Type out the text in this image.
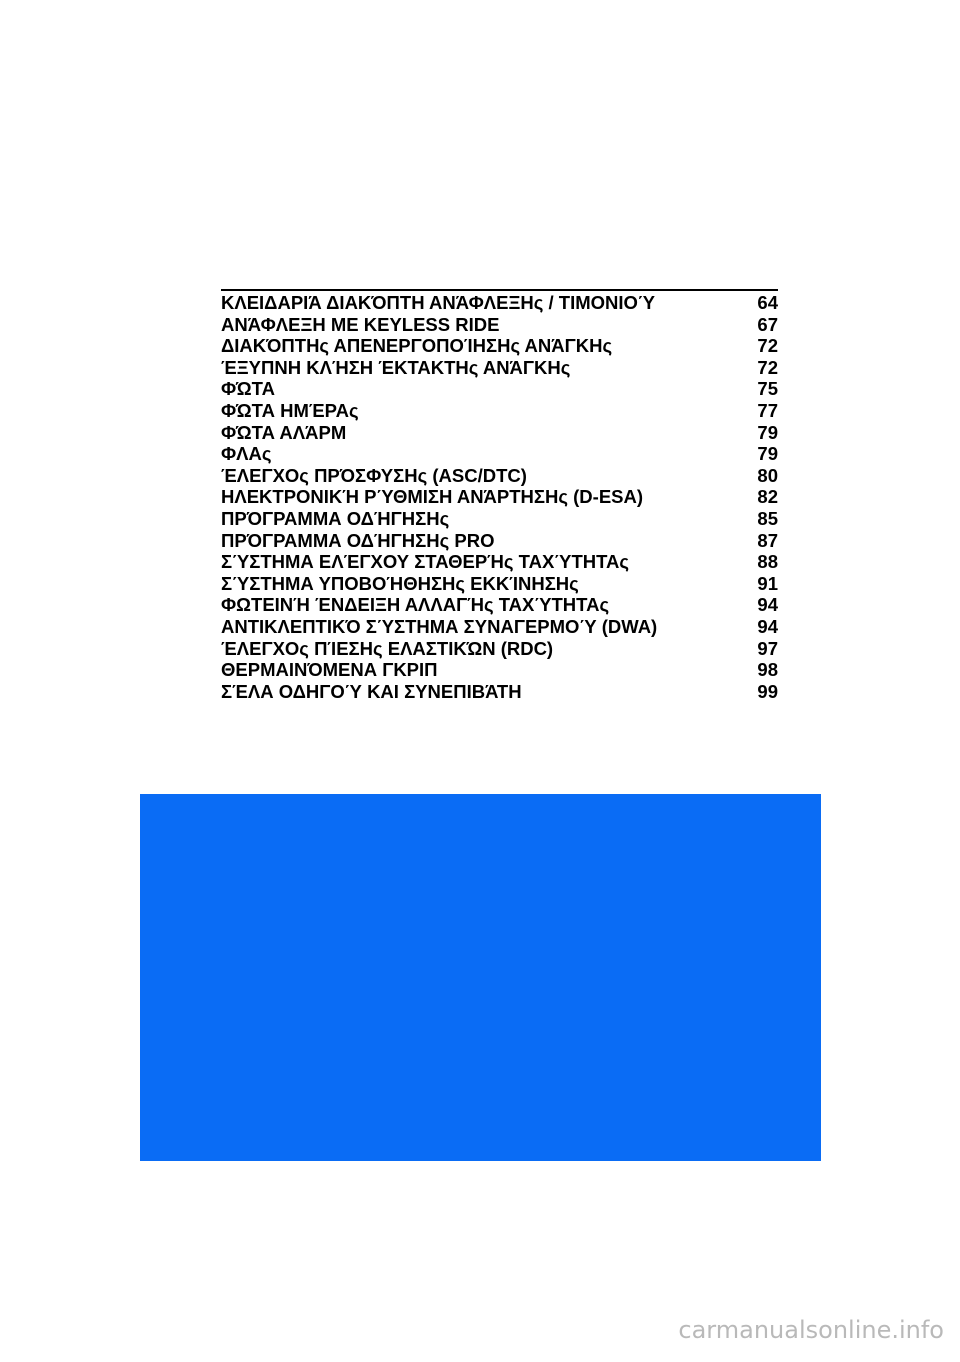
ΚΛΕΙΔΑΡΙΆ ΔΙΑΚΌΠΤΗ ΑΝΆΦΛΕΞΗς / ΤΙΜΟΝΙΟΎ	64
ΑΝΆΦΛΕΞΗ ΜΕ KEYLESS RIDE	67
ΔΙΑΚΌΠΤΗς ΑΠΕΝΕΡΓΟΠΟΊΗΣΗς ΑΝΆΓΚΗς	72
ΈΞΥΠΝΗ ΚΛΉΣΗ ΈΚΤΑΚΤΗς ΑΝΆΓΚΗς	72
ΦΏΤΑ	75
ΦΏΤΑ ΗΜΈΡΑς	77
ΦΏΤΑ ΑΛΆΡΜ	79
ΦΛΑς	79
ΈΛΕΓΧΟς ΠΡΌΣΦΥΣΗς (ASC/DTC)	80
ΗΛΕΚΤΡΟΝΙΚΉ ΡΎΘΜΙΣΗ ΑΝΆΡΤΗΣΗς (D-ESA)	82
ΠΡΌΓΡΑΜΜΑ ΟΔΉΓΗΣΗς	85
ΠΡΌΓΡΑΜΜΑ ΟΔΉΓΗΣΗς PRO	87
ΣΎΣΤΗΜΑ ΕΛΈΓΧΟΥ ΣΤΑΘΕΡΉς ΤΑΧΎΤΗΤΑς	88
ΣΎΣΤΗΜΑ ΥΠΟΒΟΉΘΗΣΗς ΕΚΚΊΝΗΣΗς	91
ΦΩΤΕΙΝΉ ΈΝΔΕΙΞΗ ΑΛΛΑΓΉς ΤΑΧΎΤΗΤΑς	94
ΑΝΤΙΚΛΕΠΤΙΚΌ ΣΎΣΤΗΜΑ ΣΥΝΑΓΕΡΜΟΎ (DWA)	94
ΈΛΕΓΧΟς ΠΊΕΣΗς ΕΛΑΣΤΙΚΏΝ (RDC)	97
ΘΕΡΜΑΙΝΌΜΕΝΑ ΓΚΡΙΠ	98
ΣΈΛΑ ΟΔΗΓΟΎ ΚΑΙ ΣΥΝΕΠΙΒΆΤΗ	99
carmanualsonline.info
